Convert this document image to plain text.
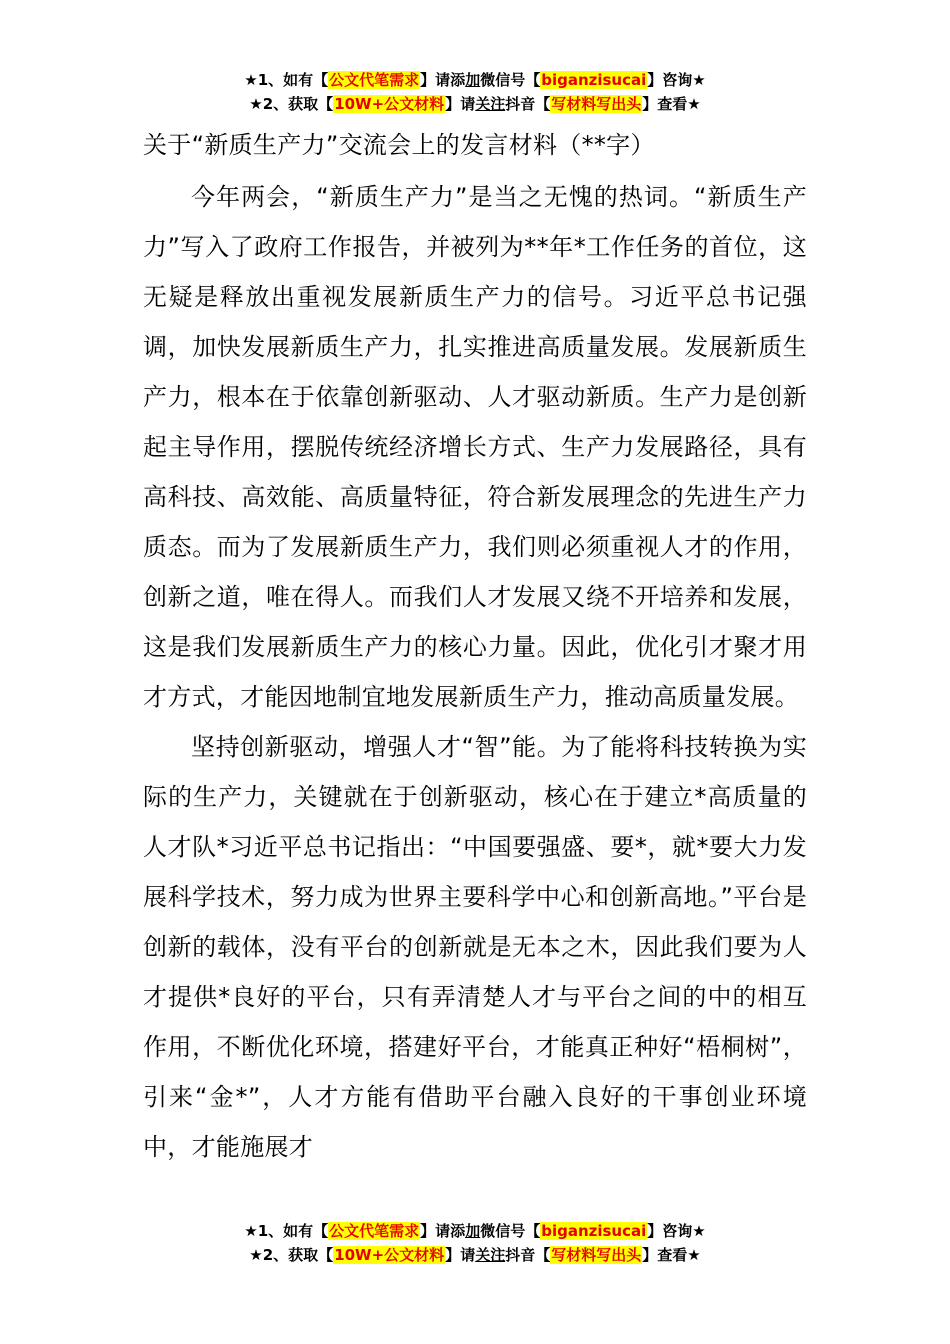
★1、如有【公文代笔需求】请添加微信号【biganzisucai】咨询★
★2、获取【10W+公文材料】请关注抖音【写材料写出头】查看★
关于“新质生产力”交流会上的发言材料（**字）

今年两会，“新质生产力”是当之无愧的热词。“新质生产力”写入了政府工作报告，并被列为**年*工作任务的首位，这无疑是释放出重视发展新质生产力的信号。习近平总书记强调，加快发展新质生产力，扎实推进高质量发展。发展新质生产力，根本在于依靠创新驱动、人才驱动新质。生产力是创新起主导作用，摆脱传统经济增长方式、生产力发展路径，具有高科技、高效能、高质量特征，符合新发展理念的先进生产力质态。而为了发展新质生产力，我们则必须重视人才的作用，创新之道，唯在得人。而我们人才发展又绕不开培养和发展，这是我们发展新质生产力的核心力量。因此，优化引才聚才用才方式，才能因地制宜地发展新质生产力，推动高质量发展。

坚持创新驱动，增强人才“智”能。为了能将科技转换为实际的生产力，关键就在于创新驱动，核心在于建立*高质量的人才队*习近平总书记指出：“中国要强盛、要*，就*要大力发展科学技术，努力成为世界主要科学中心和创新高地。”平台是创新的载体，没有平台的创新就是无本之木，因此我们要为人才提供*良好的平台，只有弄清楚人才与平台之间的中的相互作用，不断优化环境，搭建好平台，才能真正种好“梧桐树”，引来“金*”，人才方能有借助平台融入良好的干事创业环境中，才能施展才

★1、如有【公文代笔需求】请添加微信号【biganzisucai】咨询★
★2、获取【10W+公文材料】请关注抖音【写材料写出头】查看★
